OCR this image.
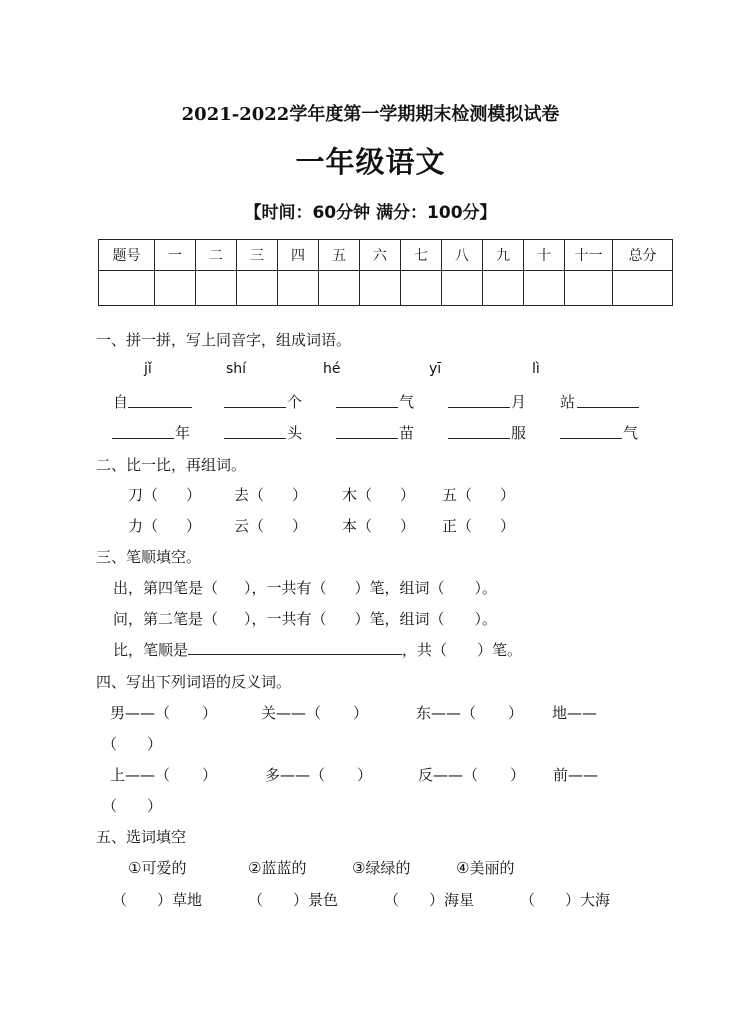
2021-2022学年度第一学期期末检测模拟试卷
一年级语文
【时间：60分钟 满分：100分】
题号	一	二	三	四	五	六	七	八	九	十	十一	总分

一、拼一拼，写上同音字，组成词语。
jǐ	shí	hé	yī	lì
自	个	气	月 站
年	头	苗	服	气
二、比一比，再组词。
刀（ ） 去（ ） 木（ ） 五（ ）
力（ ） 云（ ） 本（ ） 正（ ）
三、笔顺填空。
出，第四笔是（ ），一共有（ ）笔，组词（ ）。
问，第二笔是（ ），一共有（ ）笔，组词（ ）。
比，笔顺是	，共（ ）笔。
四、写出下列词语的反义词。
男——（ ）	关——（ ）	东——（ ） 地——
（　　）
上——（ ）	多——（ ）	反——（ ） 前——
（　　）
五、选词填空
①可爱的	②蓝蓝的	③绿绿的	④美丽的
（　　）草地	（　　）景色	（　　）海星	（　　）大海
